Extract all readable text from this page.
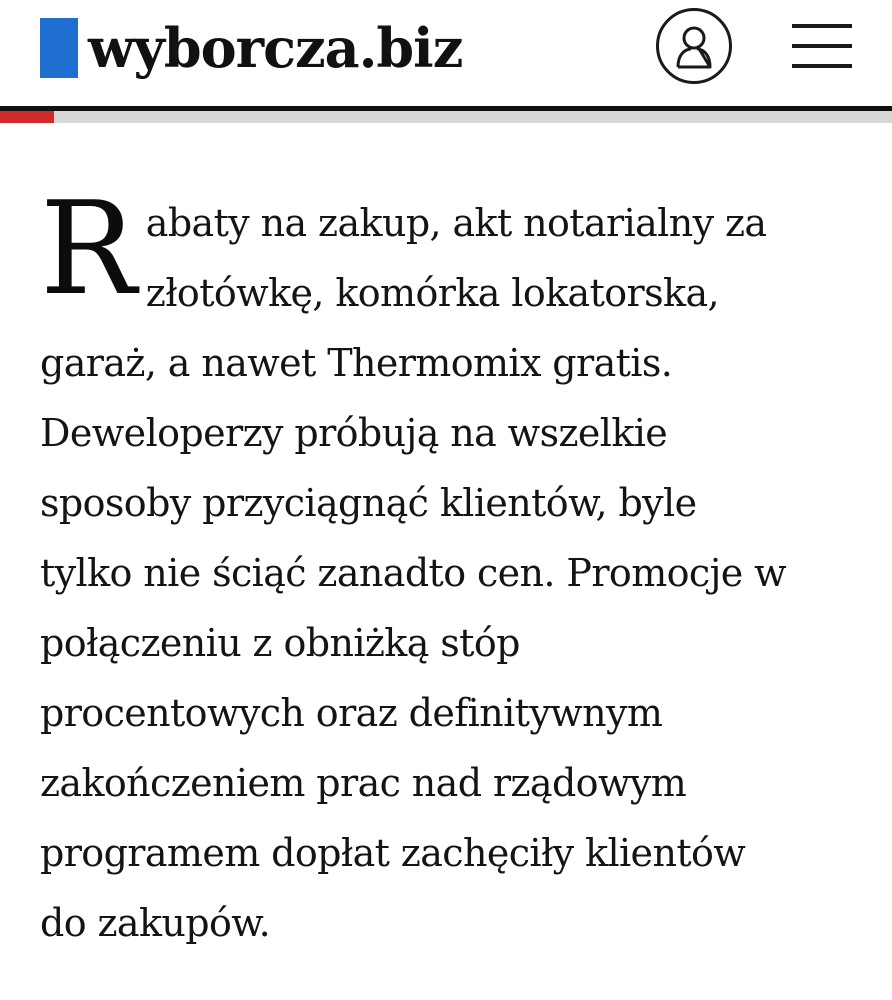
wyborcza.biz
R abaty na zakup, akt notarialny za
złotówkę, komórka lokatorska,
garaż, a nawet Thermomix gratis.
Deweloperzy próbują na wszelkie
sposoby przyciągnąć klientów, byle
tylko nie ściąć zanadto cen. Promocje w
połączeniu z obniżką stóp
procentowych oraz definitywnym
zakończeniem prac nad rządowym
programem dopłat zachęciły klientów
do zakupów.
